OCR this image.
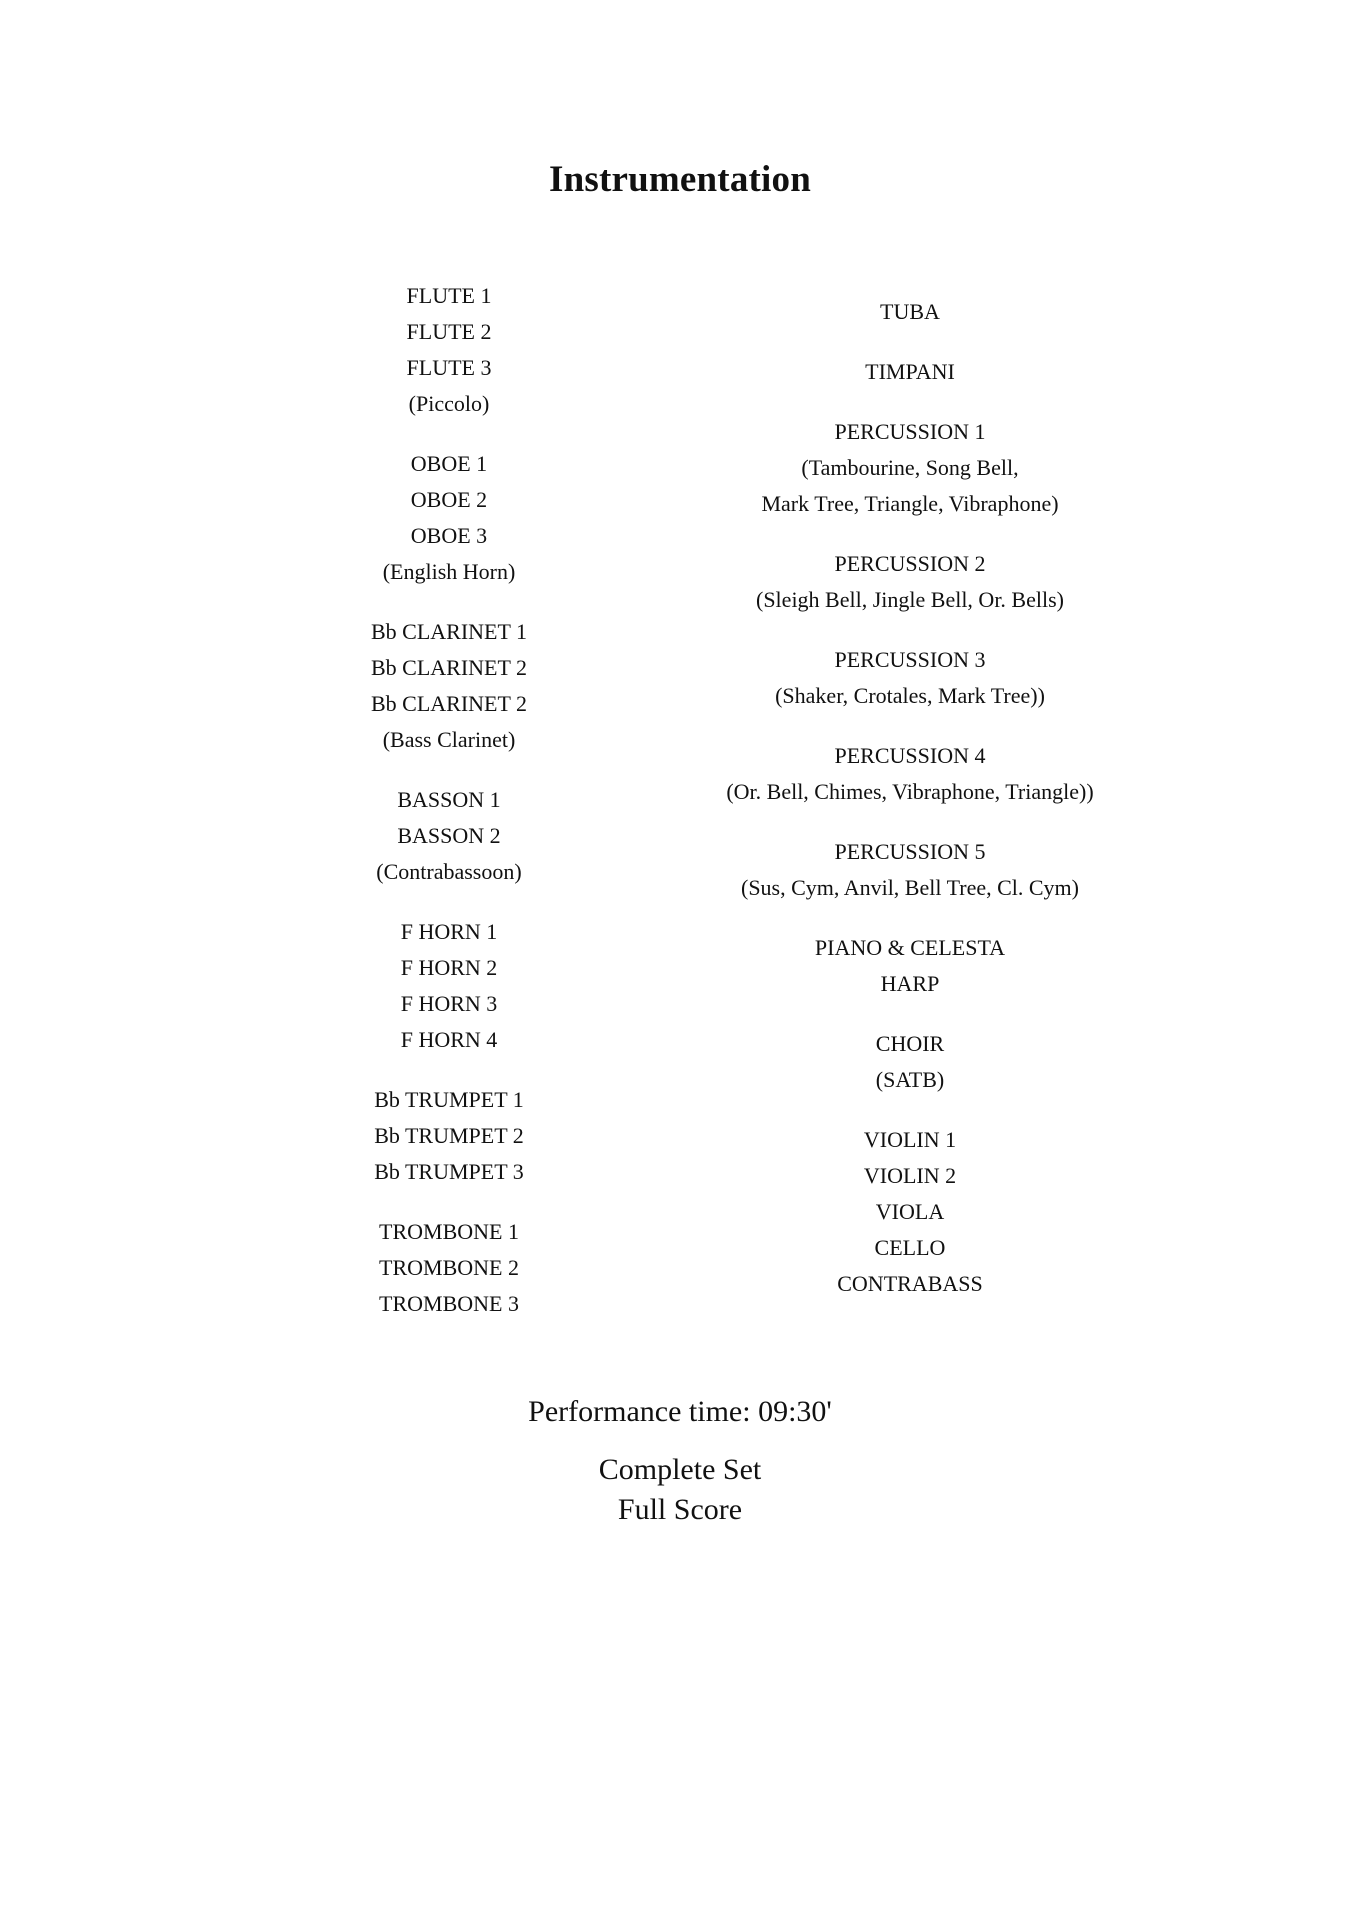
Instrumentation
FLUTE 1
FLUTE 2
FLUTE 3
(Piccolo)
OBOE 1
OBOE 2
OBOE 3
(English Horn)
Bb CLARINET 1
Bb CLARINET 2
Bb CLARINET 2
(Bass Clarinet)
BASSON 1
BASSON 2
(Contrabassoon)
F HORN 1
F HORN 2
F HORN 3
F HORN 4
Bb TRUMPET 1
Bb TRUMPET 2
Bb TRUMPET 3
TROMBONE 1
TROMBONE 2
TROMBONE 3
TUBA
TIMPANI
PERCUSSION 1
(Tambourine, Song Bell,
Mark Tree, Triangle, Vibraphone)
PERCUSSION 2
(Sleigh Bell, Jingle Bell, Or. Bells)
PERCUSSION 3
(Shaker, Crotales, Mark Tree))
PERCUSSION 4
(Or. Bell, Chimes, Vibraphone, Triangle))
PERCUSSION 5
(Sus, Cym, Anvil, Bell Tree, Cl. Cym)
PIANO & CELESTA
HARP
CHOIR
(SATB)
VIOLIN 1
VIOLIN 2
VIOLA
CELLO
CONTRABASS
Performance time: 09:30'
Complete Set
Full Score
